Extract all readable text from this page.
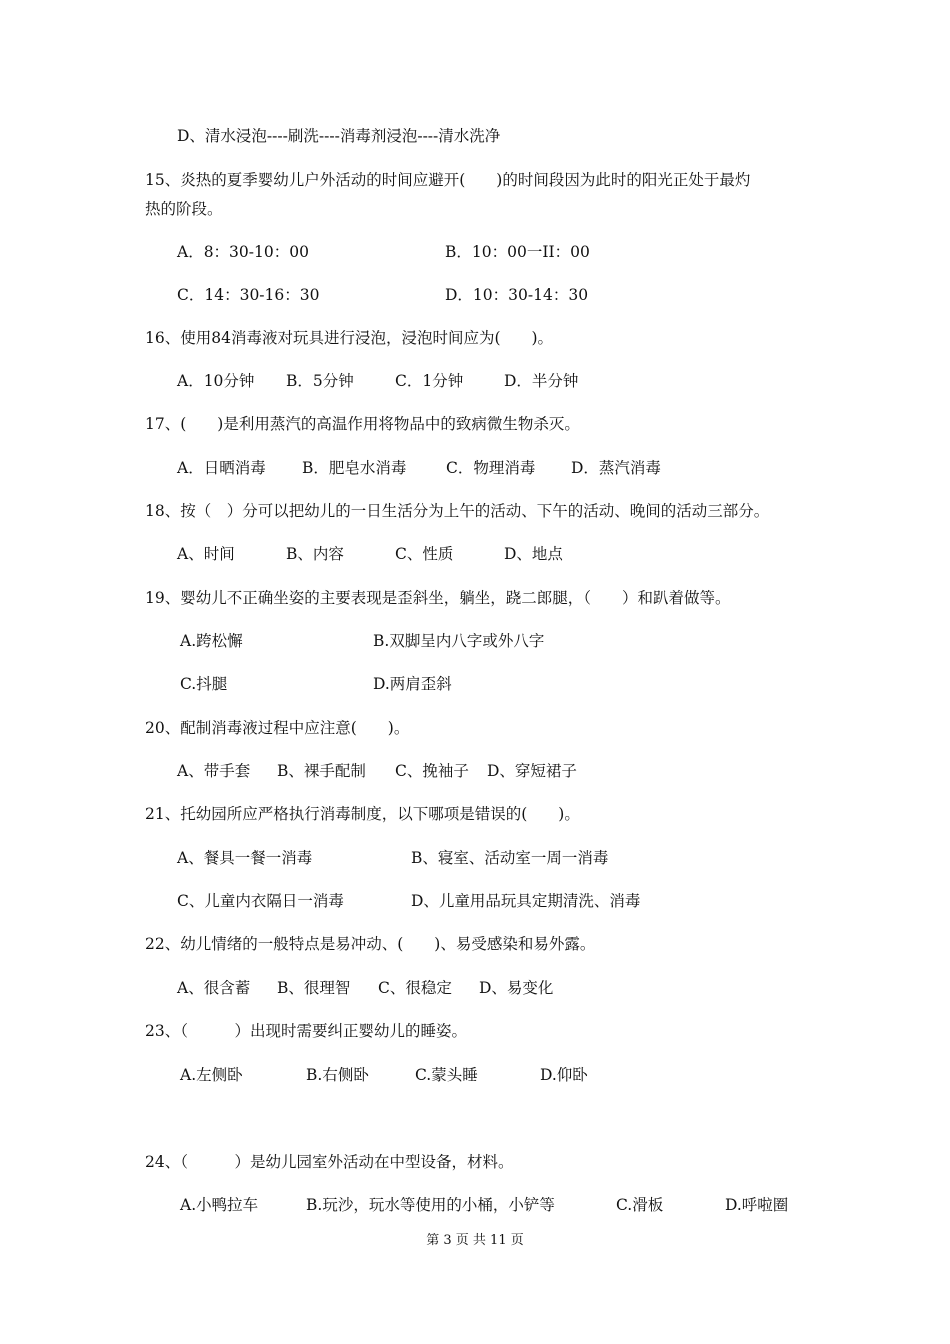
D、清水浸泡----刷洗----消毒剂浸泡----清水洗净
15、炎热的夏季婴幼儿户外活动的时间应避开(　　)的时间段因为此时的阳光正处于最灼
热的阶段。
A．8：30-10：00	B．10：00一II：00
C．14：30-16：30	D．10：30-14：30
16、使用84消毒液对玩具进行浸泡，浸泡时间应为(　　)。
A．10分钟 B．5分钟	C．1分钟	D．半分钟
17、(　　)是利用蒸汽的高温作用将物品中的致病微生物杀灭。
A．日晒消毒 B．肥皂水消毒	C．物理消毒 D．蒸汽消毒
18、按（　）分可以把幼儿的一日生活分为上午的活动、下午的活动、晚间的活动三部分。
A、时间	B、内容	C、性质	D、地点
19、婴幼儿不正确坐姿的主要表现是歪斜坐，躺坐，跷二郎腿，（　　）和趴着做等。
A.跨松懈	B.双脚呈内八字或外八字
C.抖腿	D.两肩歪斜
20、配制消毒液过程中应注意(　　)。
A、带手套 B、裸手配制 C、挽袖子 D、穿短裙子
21、托幼园所应严格执行消毒制度，以下哪项是错误的(　　)。
A、餐具一餐一消毒	B、寝室、活动室一周一消毒
C、儿童内衣隔日一消毒	D、儿童用品玩具定期清洗、消毒
22、幼儿情绪的一般特点是易冲动、(　　)、易受感染和易外露。
A、很含蓄 B、很理智 C、很稳定 D、易变化
23、（　　　）出现时需要纠正婴幼儿的睡姿。
A.左侧卧	B.右侧卧	C.蒙头睡	D.仰卧
24、（　　　）是幼儿园室外活动在中型设备，材料。
A.小鸭拉车	B.玩沙，玩水等使用的小桶，小铲等	C.滑板	D.呼啦圈
第 3 页 共 11 页
